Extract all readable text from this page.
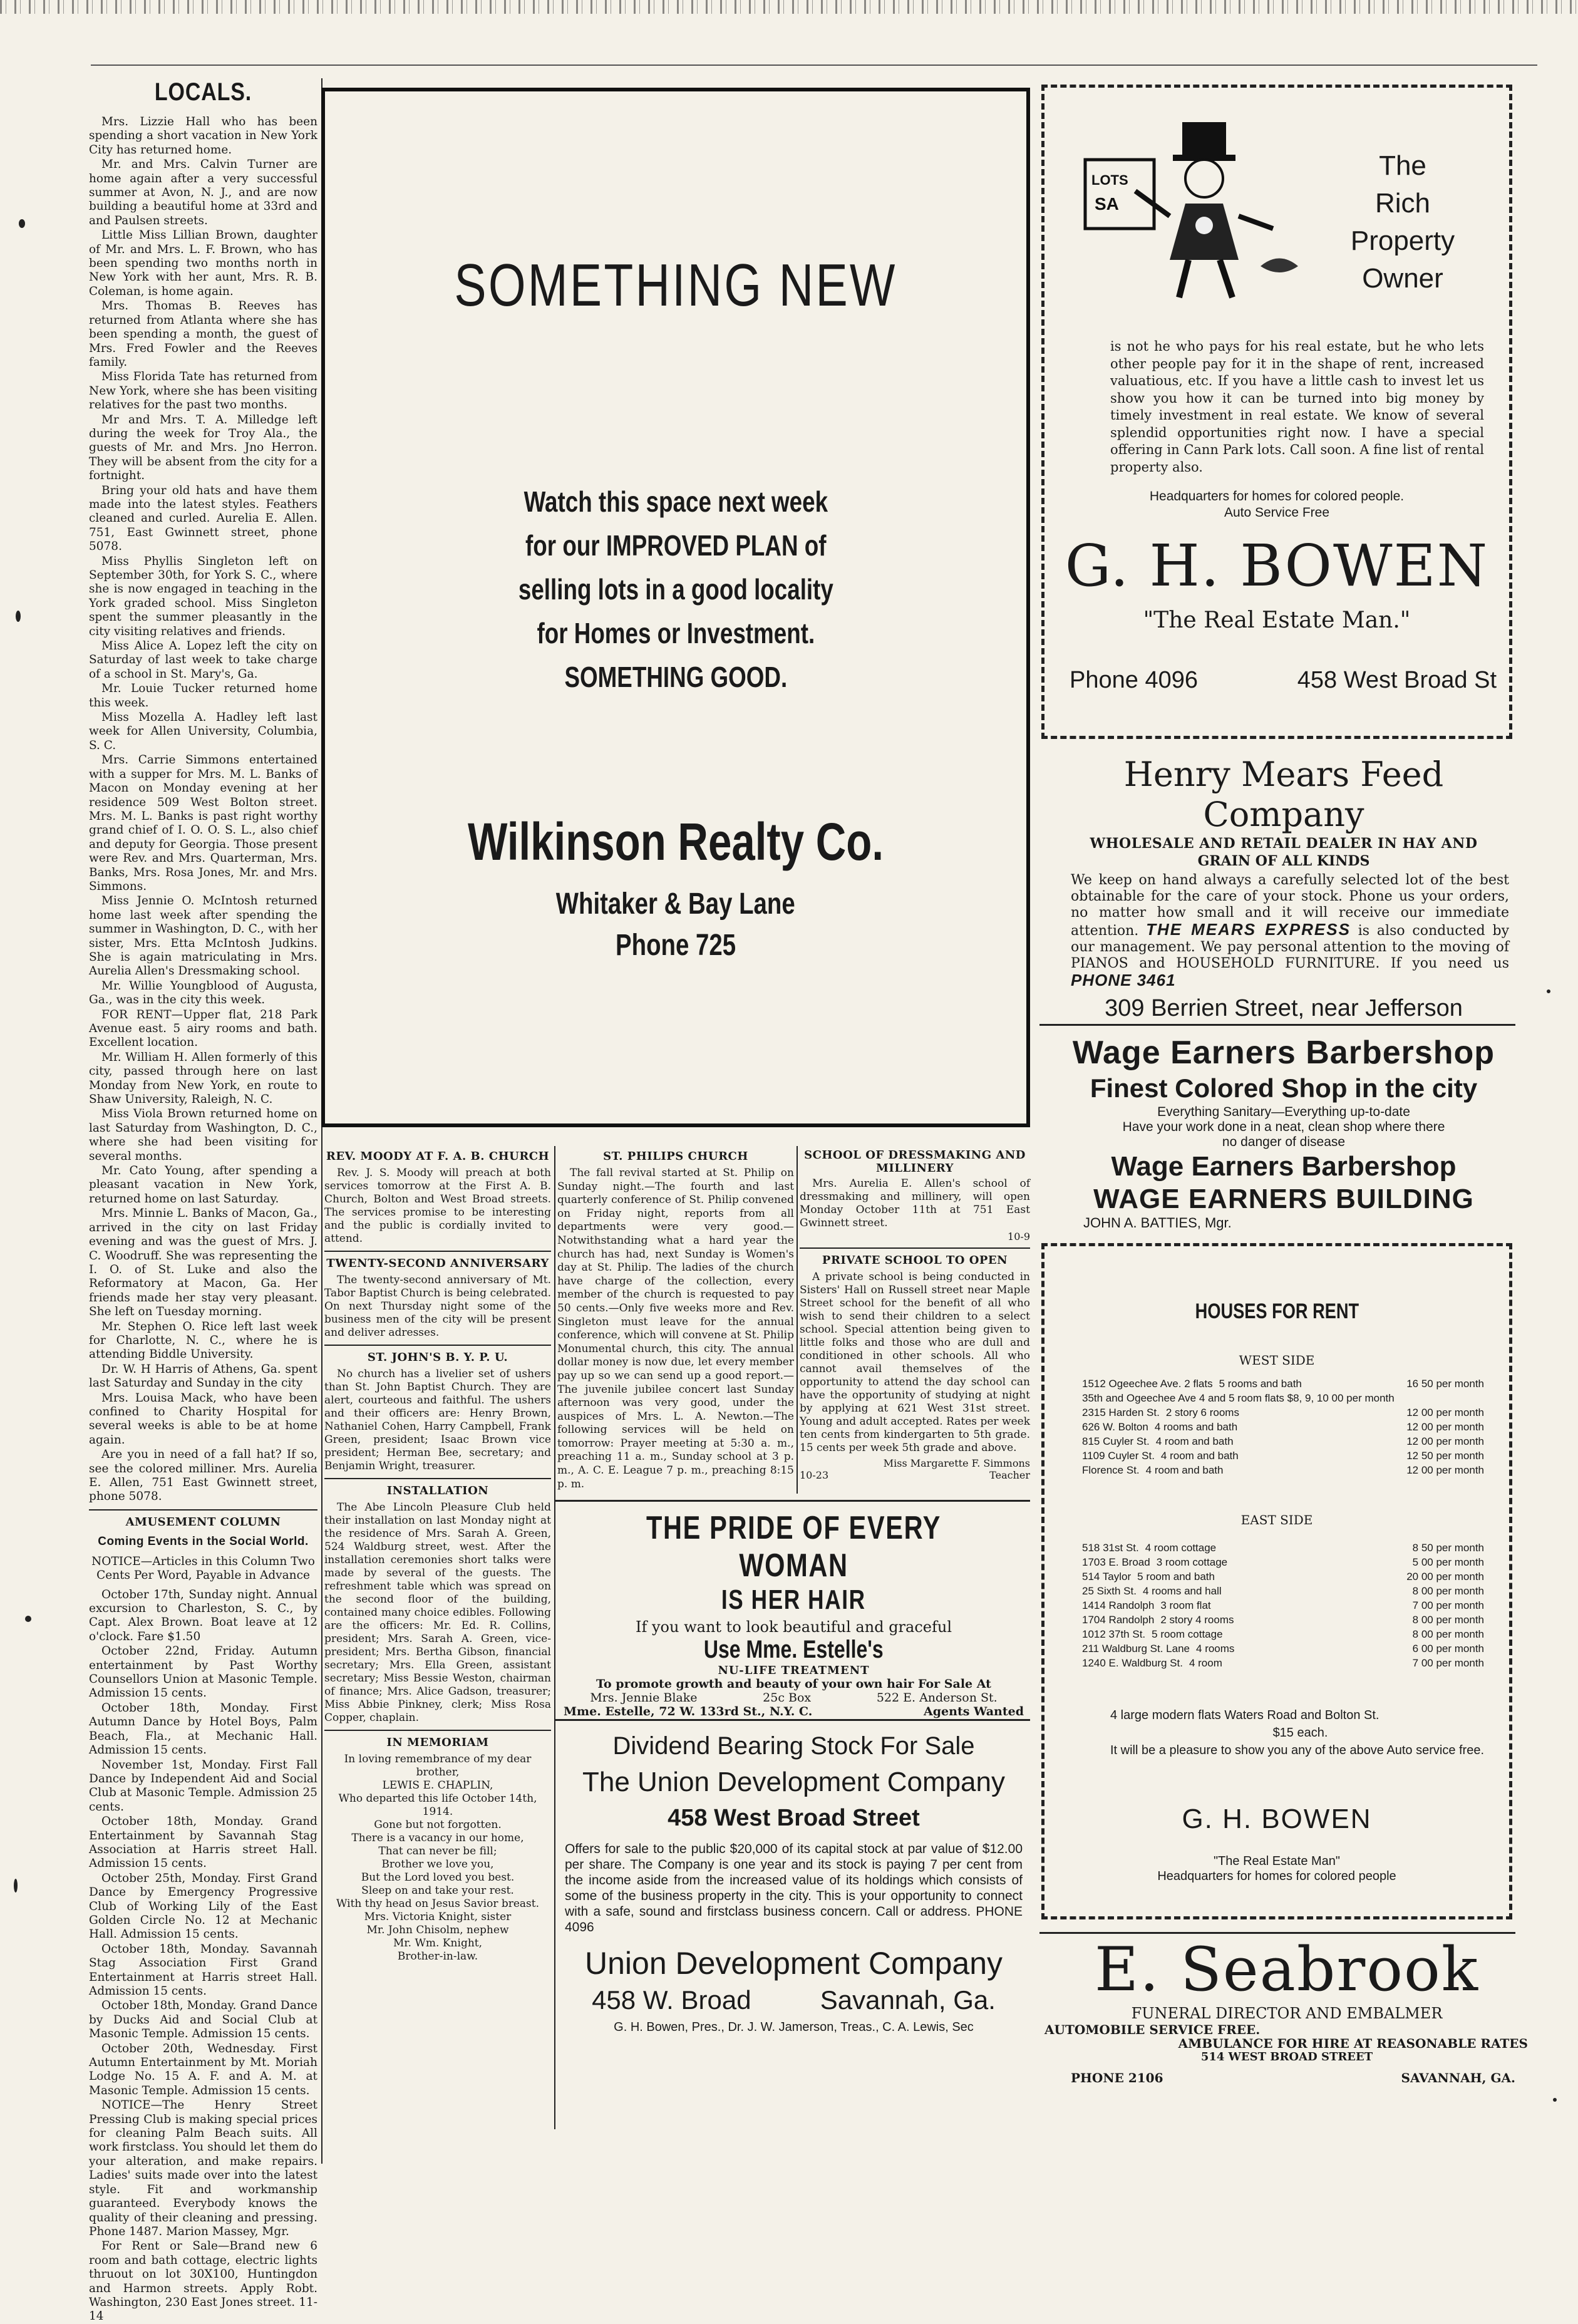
LOCALS.

Mrs. Lizzie Hall who has been spending a short vacation in New York City has returned home.

Mr. and Mrs. Calvin Turner are home again after a very successful summer at Avon, N. J., and are now building a beautiful home at 33rd and and Paulsen streets.

Little Miss Lillian Brown, daughter of Mr. and Mrs. L. F. Brown, who has been spending two months north in New York with her aunt, Mrs. R. B. Coleman, is home again.

Mrs. Thomas B. Reeves has returned from Atlanta where she has been spending a month, the guest of Mrs. Fred Fowler and the Reeves family.

Miss Florida Tate has returned from New York, where she has been visiting relatives for the past two months.

Mr and Mrs. T. A. Milledge left during the week for Troy Ala., the guests of Mr. and Mrs. Jno Herron. They will be absent from the city for a fortnight.

Bring your old hats and have them made into the latest styles. Feathers cleaned and curled. Aurelia E. Allen. 751, East Gwinnett street, phone 5078.

Miss Phyllis Singleton left on September 30th, for York S. C., where she is now engaged in teaching in the York graded school. Miss Singleton spent the summer pleasantly in the city visiting relatives and friends.

Miss Alice A. Lopez left the city on Saturday of last week to take charge of a school in St. Mary's, Ga.

Mr. Louie Tucker returned home this week.

Miss Mozella A. Hadley left last week for Allen University, Columbia, S. C.

Mrs. Carrie Simmons entertained with a supper for Mrs. M. L. Banks of Macon on Monday evening at her residence 509 West Bolton street. Mrs. M. L. Banks is past right worthy grand chief of I. O. O. S. L., also chief and deputy for Georgia. Those present were Rev. and Mrs. Quarterman, Mrs. Banks, Mrs. Rosa Jones, Mr. and Mrs. Simmons.

Miss Jennie O. McIntosh returned home last week after spending the summer in Washington, D. C., with her sister, Mrs. Etta McIntosh Judkins. She is again matriculating in Mrs. Aurelia Allen's Dressmaking school.

Mr. Willie Youngblood of Augusta, Ga., was in the city this week.

FOR RENT—Upper flat, 218 Park Avenue east. 5 airy rooms and bath. Excellent location.

Mr. William H. Allen formerly of this city, passed through here on last Monday from New York, en route to Shaw University, Raleigh, N. C.

Miss Viola Brown returned home on last Saturday from Washington, D. C., where she had been visiting for several months.

Mr. Cato Young, after spending a pleasant vacation in New York, returned home on last Saturday.

Mrs. Minnie L. Banks of Macon, Ga., arrived in the city on last Friday evening and was the guest of Mrs. J. C. Woodruff. She was representing the I. O. of St. Luke and also the Reformatory at Macon, Ga. Her friends made her stay very pleasant. She left on Tuesday morning.

Mr. Stephen O. Rice left last week for Charlotte, N. C., where he is attending Biddle University.

Dr. W. H Harris of Athens, Ga. spent last Saturday and Sunday in the city

Mrs. Louisa Mack, who have been confined to Charity Hospital for several weeks is able to be at home again.

Are you in need of a fall hat? If so, see the colored milliner. Mrs. Aurelia E. Allen, 751 East Gwinnett street, phone 5078.

AMUSEMENT COLUMN
Coming Events in the Social World.
NOTICE—Articles in this Column Two Cents Per Word, Payable in Advance

October 17th, Sunday night. Annual excursion to Charleston, S. C., by Capt. Alex Brown. Boat leave at 12 o'clock. Fare $1.50

October 22nd, Friday. Autumn entertainment by Past Worthy Counsellors Union at Masonic Temple. Admission 15 cents.

October 18th, Monday. First Autumn Dance by Hotel Boys, Palm Beach, Fla., at Mechanic Hall. Admission 15 cents.

November 1st, Monday. First Fall Dance by Independent Aid and Social Club at Masonic Temple. Admission 25 cents.

October 18th, Monday. Grand Entertainment by Savannah Stag Association at Harris street Hall. Admission 15 cents.

October 25th, Monday. First Grand Dance by Emergency Progressive Club of Working Lily of the East Golden Circle No. 12 at Mechanic Hall. Admission 15 cents.

October 18th, Monday. Savannah Stag Association First Grand Entertainment at Harris street Hall. Admission 15 cents.

October 18th, Monday. Grand Dance by Ducks Aid and Social Club at Masonic Temple. Admission 15 cents.

October 20th, Wednesday. First Autumn Entertainment by Mt. Moriah Lodge No. 15 A. F. and A. M. at Masonic Temple. Admission 15 cents.

NOTICE—The Henry Street Pressing Club is making special prices for cleaning Palm Beach suits. All work firstclass. You should let them do your alteration, and make repairs. Ladies' suits made over into the latest style. Fit and workmanship guaranteed. Everybody knows the quality of their cleaning and pressing. Phone 1487. Marion Massey, Mgr.

For Rent or Sale—Brand new 6 room and bath cottage, electric lights thruout on lot 30X100, Huntingdon and Harmon streets. Apply Robt. Washington, 230 East Jones street. 11-14

SOMETHING NEW
Watch this space next week
for our IMPROVED PLAN of
selling lots in a good locality
for Homes or Investment.
SOMETHING GOOD.
Wilkinson Realty Co.
Whitaker & Bay Lane
Phone 725
REV. MOODY AT F. A. B. CHURCH

Rev. J. S. Moody will preach at both services tomorrow at the First A. B. Church, Bolton and West Broad streets. The services promise to be interesting and the public is cordially invited to attend.

TWENTY-SECOND ANNIVERSARY

The twenty-second anniversary of Mt. Tabor Baptist Church is being celebrated. On next Thursday night some of the business men of the city will be present and deliver adresses.

ST. JOHN'S B. Y. P. U.

No church has a livelier set of ushers than St. John Baptist Church. They are alert, courteous and faithful. The ushers and their officers are: Henry Brown, Nathaniel Cohen, Harry Campbell, Frank Green, president; Isaac Brown vice president; Herman Bee, secretary; and Benjamin Wright, treasurer.

INSTALLATION

The Abe Lincoln Pleasure Club held their installation on last Monday night at the residence of Mrs. Sarah A. Green, 524 Waldburg street, west. After the installation ceremonies short talks were made by several of the guests. The refreshment table which was spread on the second floor of the building, contained many choice edibles. Following are the officers: Mr. Ed. R. Collins, president; Mrs. Sarah A. Green, vice-president; Mrs. Bertha Gibson, financial secretary; Mrs. Ella Green, assistant secretary; Miss Bessie Weston, chairman of finance; Mrs. Alice Gadson, treasurer; Miss Abbie Pinkney, clerk; Miss Rosa Copper, chaplain.

IN MEMORIAM
In loving remembrance of my dear brother,
LEWIS E. CHAPLIN,
Who departed this life October 14th, 1914.
Gone but not forgotten.
There is a vacancy in our home,
That can never be fill;
Brother we love you,
But the Lord loved you best.
Sleep on and take your rest.
With thy head on Jesus Savior breast.
Mrs. Victoria Knight, sister
Mr. John Chisolm, nephew
Mr. Wm. Knight,
Brother-in-law.
ST. PHILIPS CHURCH

The fall revival started at St. Philip on Sunday night.—The fourth and last quarterly conference of St. Philip convened on Friday night, reports from all departments were very good.—Notwithstanding what a hard year the church has had, next Sunday is Women's day at St. Philip. The ladies of the church have charge of the collection, every member of the church is requested to pay 50 cents.—Only five weeks more and Rev. Singleton must leave for the annual conference, which will convene at St. Philip Monumental church, this city. The annual dollar money is now due, let every member pay up so we can send up a good report.—The juvenile jubilee concert last Sunday afternoon was very good, under the auspices of Mrs. L. A. Newton.—The following services will be held on tomorrow: Prayer meeting at 5:30 a. m., preaching 11 a. m., Sunday school at 3 p. m., A. C. E. League 7 p. m., preaching 8:15 p. m.

SCHOOL OF DRESSMAKING AND MILLINERY

Mrs. Aurelia E. Allen's school of dressmaking and millinery, will open Monday October 11th at 751 East Gwinnett street.

10-9
PRIVATE SCHOOL TO OPEN

A private school is being conducted in Sisters' Hall on Russell street near Maple Street school for the benefit of all who wish to send their children to a select school. Special attention being given to little folks and those who are dull and conditioned in other schools. All who cannot avail themselves of the opportunity to attend the day school can have the opportunity of studying at night by applying at 621 West 31st street. Young and adult accepted. Rates per week ten cents from kindergarten to 5th grade. 15 cents per week 5th grade and above.

Miss Margarette F. Simmons
10-23	Teacher
THE PRIDE OF EVERY WOMAN
IS HER HAIR
If you want to look beautiful and graceful
Use Mme. Estelle's
NU-LIFE TREATMENT
To promote growth and beauty of your own hair For Sale At
Mrs. Jennie Blake	25c Box	522 E. Anderson St.
Mme. Estelle, 72 W. 133rd St., N.Y. C.	Agents Wanted
Dividend Bearing Stock For Sale
The Union Development Company
458 West Broad Street
Offers for sale to the public $20,000 of its capital stock at par value of $12.00 per share. The Company is one year and its stock is paying 7 per cent from the income aside from the increased value of its holdings which consists of some of the business property in the city. This is your opportunity to connect with a safe, sound and firstclass business concern. Call or address. PHONE 4096
Union Development Company
458 W. Broad	Savannah, Ga.
G. H. Bowen, Pres., Dr. J. W. Jamerson, Treas., C. A. Lewis, Sec
LOTS
SA
The
Rich
Property
Owner
is not he who pays for his real estate, but he who lets other people pay for it in the shape of rent, increased valuatious, etc. If you have a little cash to invest let us show you how it can be turned into big money by timely investment in real estate. We know of several splendid opportunities right now. I have a special offering in Cann Park lots. Call soon. A fine list of rental property also.
Headquarters for homes for colored people.
Auto Service Free
G. H. BOWEN
"The Real Estate Man."
Phone 4096	458 West Broad St
Henry Mears Feed Company
WHOLESALE AND RETAIL DEALER IN HAY AND
GRAIN OF ALL KINDS
We keep on hand always a carefully selected lot of the best obtainable for the care of your stock. Phone us your orders, no matter how small and it will receive our immediate attention. THE MEARS EXPRESS is also conducted by our management. We pay personal attention to the moving of PIANOS and HOUSEHOLD FURNITURE. If you need us PHONE 3461
309 Berrien Street, near Jefferson
Wage Earners Barbershop
Finest Colored Shop in the city
Everything Sanitary—Everything up-to-date
Have your work done in a neat, clean shop where there
no danger of disease
Wage Earners Barbershop
WAGE EARNERS BUILDING
JOHN A. BATTIES, Mgr.
HOUSES FOR RENT
WEST SIDE
1512 Ogeechee Ave. 2 flats 5 rooms and bath	16 50 per month
35th and Ogeechee Ave 4 and 5 room flats $8, 9, 10 00 per month
2315 Harden St. 2 story 6 rooms	12 00 per month
626 W. Bolton 4 rooms and bath	12 00 per month
815 Cuyler St. 4 room and bath	12 00 per month
1109 Cuyler St. 4 room and bath	12 50 per month
Florence St. 4 room and bath	12 00 per month
EAST SIDE
518 31st St. 4 room cottage	8 50 per month
1703 E. Broad 3 room cottage	5 00 per month
514 Taylor 5 room and bath	20 00 per month
25 Sixth St. 4 rooms and hall	8 00 per month
1414 Randolph 3 room flat	7 00 per month
1704 Randolph 2 story 4 rooms	8 00 per month
1012 37th St. 5 room cottage	8 00 per month
211 Waldburg St. Lane 4 rooms	6 00 per month
1240 E. Waldburg St. 4 room	7 00 per month
4 large modern flats Waters Road and Bolton St.
$15 each.
It will be a pleasure to show you any of the above Auto service free.
G. H. BOWEN
"The Real Estate Man"
Headquarters for homes for colored people
E. Seabrook
FUNERAL DIRECTOR AND EMBALMER
AUTOMOBILE SERVICE FREE.
AMBULANCE FOR HIRE AT REASONABLE RATES
514 WEST BROAD STREET
PHONE 2106	SAVANNAH, GA.
